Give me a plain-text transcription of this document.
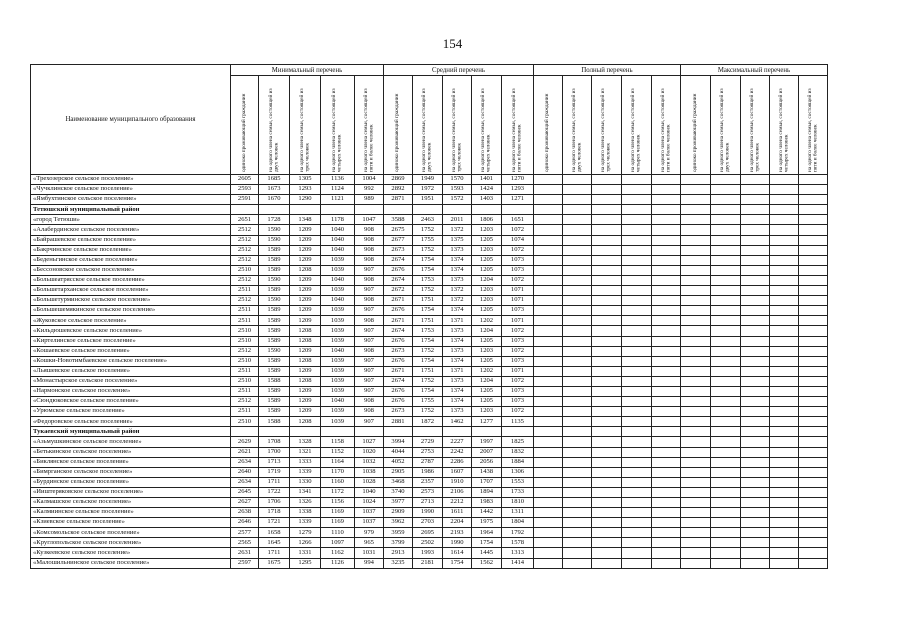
154
Наименование муниципального образования	Минимальный перечень					Средний перечень					Полный перечень					Максимальный перечень				
	одиноко проживающий гражданин	на одного члена семьи, состоящей из двух человек	на одного члена семьи, состоящей из трех человек	на одного члена семьи, состоящей из четырех человек	на одного члена семьи, состоящей из пяти и более человек	одиноко проживающий гражданин	на одного члена семьи, состоящей из двух человек	на одного члена семьи, состоящей из трех человек	на одного члена семьи, состоящей из четырех человек	на одного члена семьи, состоящей из пяти и более человек	одиноко проживающий гражданин	на одного члена семьи, состоящей из двух человек	на одного члена семьи, состоящей из трех человек	на одного члена семьи, состоящей из четырех человек	на одного члена семьи, состоящей из пяти и более человек	одиноко проживающий гражданин	на одного члена семьи, состоящей из двух человек	на одного члена семьи, состоящей из трех человек	на одного члена семьи, состоящей из четырех человек	на одного члена семьи, состоящей из пяти и более человек
«Трехозерское сельское поселение»	2605	1685	1305	1136	1004	2869	1949	1570	1401	1270										
«Чучклинское сельское поселение»	2593	1673	1293	1124	992	2892	1972	1593	1424	1293										
«Ямбухтинское сельское поселение»	2591	1670	1290	1121	989	2871	1951	1572	1403	1271										
Тетюшский муниципальный район																				
«город Тетюши»	2651	1728	1348	1178	1047	3588	2463	2011	1806	1651										
«Алабердинское сельское поселение»	2512	1590	1209	1040	908	2675	1752	1372	1203	1072										
«Байрашевское сельское поселение»	2512	1590	1209	1040	908	2677	1755	1375	1205	1074										
«Бакрчинское сельское поселение»	2512	1589	1209	1040	908	2673	1752	1373	1203	1072										
«Беденьгинское сельское поселение»	2512	1589	1209	1039	908	2674	1754	1374	1205	1073										
«Бессоновское сельское поселение»	2510	1589	1208	1039	907	2676	1754	1374	1205	1073										
«Большеатрясское сельское поселение»	2512	1590	1209	1040	908	2674	1753	1373	1204	1072										
«Большетарханское сельское поселение»	2511	1589	1209	1039	907	2672	1752	1372	1203	1071										
«Большетурминское сельское поселение»	2512	1590	1209	1040	908	2671	1751	1372	1203	1071										
«Большешемякинское сельское поселение»	2511	1589	1209	1039	907	2676	1754	1374	1205	1073										
«Жуковское сельское поселение»	2511	1589	1209	1039	908	2671	1751	1371	1202	1071										
«Кильдюшевское сельское поселение»	2510	1589	1208	1039	907	2674	1753	1373	1204	1072										
«Киртелинское сельское поселение»	2510	1589	1208	1039	907	2676	1754	1374	1205	1073										
«Кошаевское сельское поселение»	2512	1590	1209	1040	908	2673	1752	1373	1203	1072										
«Кошки-Новотимбаевское сельское поселение»	2510	1589	1208	1039	907	2676	1754	1374	1205	1073										
«Льяшевское сельское поселение»	2511	1589	1209	1039	907	2671	1751	1371	1202	1071										
«Монастырское сельское поселение»	2510	1588	1208	1039	907	2674	1752	1373	1204	1072										
«Нармонское сельское поселение»	2511	1589	1209	1039	907	2676	1754	1374	1205	1073										
«Сюндюковское сельское поселение»	2512	1589	1209	1040	908	2676	1755	1374	1205	1073										
«Урюмское сельское поселение»	2511	1589	1209	1039	908	2673	1752	1373	1203	1072										
«Федоровское сельское поселение»	2510	1588	1208	1039	907	2881	1872	1462	1277	1135										
Тукаевский муниципальный район																				
«Азьмушкинское сельское поселение»	2629	1708	1328	1158	1027	3994	2729	2227	1997	1825										
«Бетькинское сельское поселение»	2621	1700	1321	1152	1020	4044	2753	2242	2007	1832										
«Биклянское сельское поселение»	2634	1713	1333	1164	1032	4052	2787	2286	2056	1884										
«Бимрганское сельское поселение»	2640	1719	1339	1170	1038	2905	1986	1607	1438	1306										
«Бурдинское сельское поселение»	2634	1711	1330	1160	1028	3468	2357	1910	1707	1553										
«Ииштеряковское сельское поселение»	2645	1722	1341	1172	1040	3740	2573	2106	1894	1733										
«Калмашское сельское поселение»	2627	1706	1326	1156	1024	3977	2713	2212	1983	1810										
«Калмиинское сельское поселение»	2638	1718	1338	1169	1037	2909	1990	1611	1442	1311										
«Кзиевское сельское поселение»	2646	1721	1339	1169	1037	3962	2703	2204	1975	1804										
«Комсомольское сельское поселение»	2577	1658	1279	1110	979	3959	2695	2193	1964	1792										
«Круглопольское сельское поселение»	2565	1645	1266	1097	965	3799	2502	1990	1754	1578										
«Кузкеевское сельское поселение»	2631	1711	1331	1162	1031	2913	1993	1614	1445	1313										
«Малошильнинское сельское поселение»	2597	1675	1295	1126	994	3235	2181	1754	1562	1414										
